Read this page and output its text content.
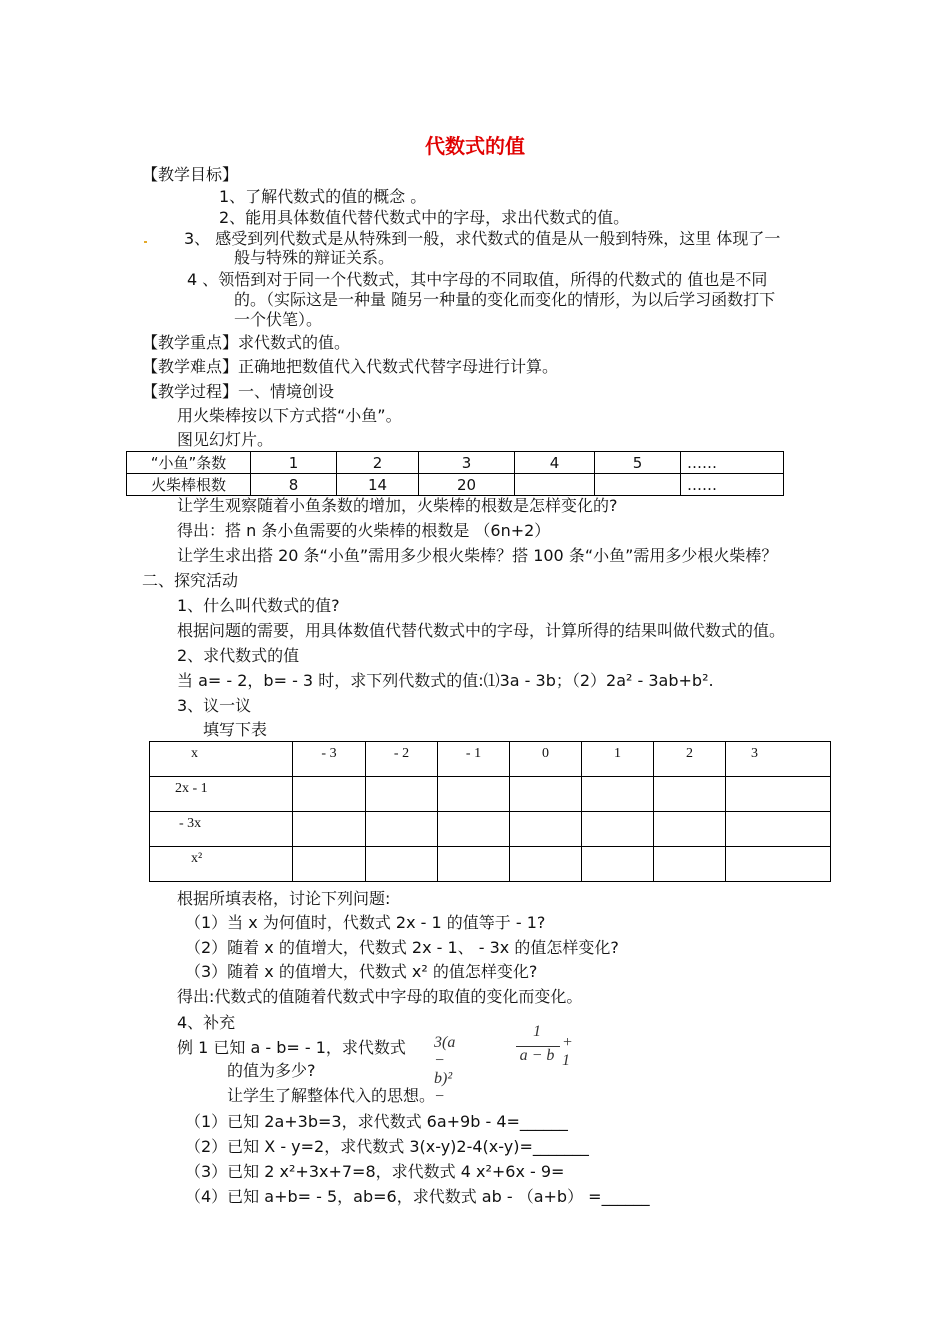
代数式的值
【教学目标】
1、了解代数式的值的概念 。
2、能用具体数值代替代数式中的字母，求出代数式的值。
3、 感受到列代数式是从特殊到一般，求代数式的值是从一般到特殊，这里 体现了一
般与特殊的辩证关系。
4 、领悟到对于同一个代数式，其中字母的不同取值，所得的代数式的 值也是不同
的。（实际这是一种量 随另一种量的变化而变化的情形，为以后学习函数打下
一个伏笔）。
【教学重点】求代数式的值。
【教学难点】正确地把数值代入代数式代替字母进行计算。
【教学过程】一、情境创设
用火柴棒按以下方式搭“小鱼”。
图见幻灯片。
“小鱼”条数	1	2	3	4	5	……
火柴棒根数	8	14	20			……
让学生观察随着小鱼条数的增加，火柴棒的根数是怎样变化的?
得出：搭 n 条小鱼需要的火柴棒的根数是 （6n+2）
让学生求出搭 20 条“小鱼”需用多少根火柴棒？搭 100 条“小鱼”需用多少根火柴棒？
二、探究活动
1、什么叫代数式的值?
根据问题的需要，用具体数值代替代数式中的字母，计算所得的结果叫做代数式的值。
2、求代数式的值
当 a= - 2，b= - 3 时，求下列代数式的值:⑴3a - 3b；（2）2a² - 3ab+b².
3、议一议
填写下表
x	- 3	- 2	- 1	0	1	2	3

2x - 1							

- 3x							

x²							

根据所填表格，讨论下列问题:
（1）当 x 为何值时，代数式 2x - 1 的值等于 - 1?
（2）随着 x 的值增大，代数式 2x - 1、 - 3x 的值怎样变化?
（3）随着 x 的值增大，代数式 x² 的值怎样变化?
得出:代数式的值随着代数式中字母的取值的变化而变化。
4、补充
例 1 已知 a - b= - 1，求代数式 3(a − b)² −
1
a − b
+ 1
的值为多少?
让学生了解整体代入的思想。
（1）已知 2a+3b=3，求代数式 6a+9b - 4=______
（2）已知 X - y=2，求代数式 3(x-y)2-4(x-y)=_______
（3）已知 2 x²+3x+7=8，求代数式 4 x²+6x - 9=
（4）已知 a+b= - 5，ab=6，求代数式 ab - （a+b） =______
